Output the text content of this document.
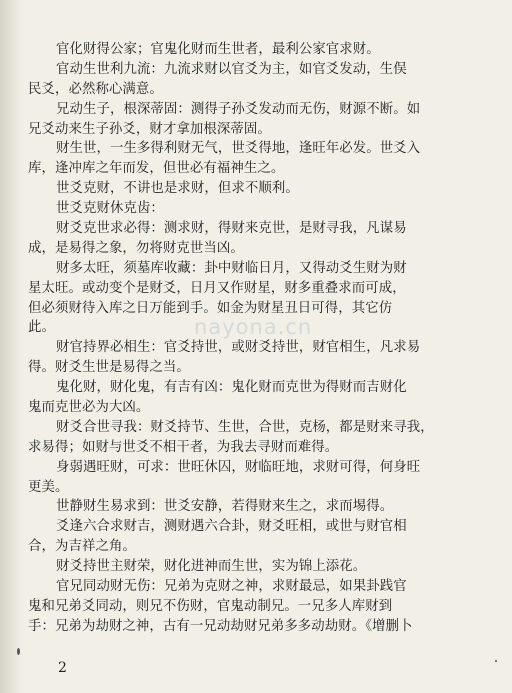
官化财得公家；官鬼化财而生世者，最利公家官求财。
官动生世利九流：九流求财以官爻为主，如官爻发动，生俣
民爻，必然称心满意。
兄动生子，根深蒂固：测得子孙爻发动而无伤，财源不断。如
兄爻动来生子孙爻，财才拿加根深蒂固。
财生世，一生多得利财无气，世爻得地，逢旺年必发。世爻入
库，逢冲库之年而发，但世必有福神生之。
世爻克财，不讲也是求财，但求不顺利。
世爻克财休克齿：
财爻克世求必得：测求财，得财来克世，是财寻我，凡谋易
成，是易得之象，勿将财克世当凶。
财多太旺，须墓库收藏：卦中财临日月，又得动爻生财为财
星太旺。或动变个是财爻，日月又作财星，财多重叠求而可成，
但必须财待入库之日万能到手。如金为财星丑日可得，其它仿
此。
财官持界必相生：官爻持世，或财爻持世，财官相生，凡求易
得。财爻生世是易得之当。
鬼化财，财化鬼，有吉有凶：鬼化财而克世为得财而吉财化
鬼而克世必为大凶。
财爻合世寻我：财爻持节、生世，合世，克杨，都是财来寻我，
求易得；如财与世爻不相干者，为我去寻财而难得。
身弱遇旺财，可求：世旺休囚，财临旺地，求财可得，何身旺
更美。
世静财生易求到：世爻安静，若得财来生之，求而埸得。
爻逢六合求财吉，测财遇六合卦，财爻旺相，或世与财官相
合，为吉祥之角。
财爻持世主财荣，财化进神而生世，实为锦上添花。
官兄同动财无伤：兄弟为克财之神，求财最忌，如果卦践官
鬼和兄弟爻同动，则兄不伤财，官鬼动制兄。一兄多人库财到
手：兄弟为劫财之神，古有一兄动劫财兄弟多多动劫财。《增删卜
nayona.cn
2
